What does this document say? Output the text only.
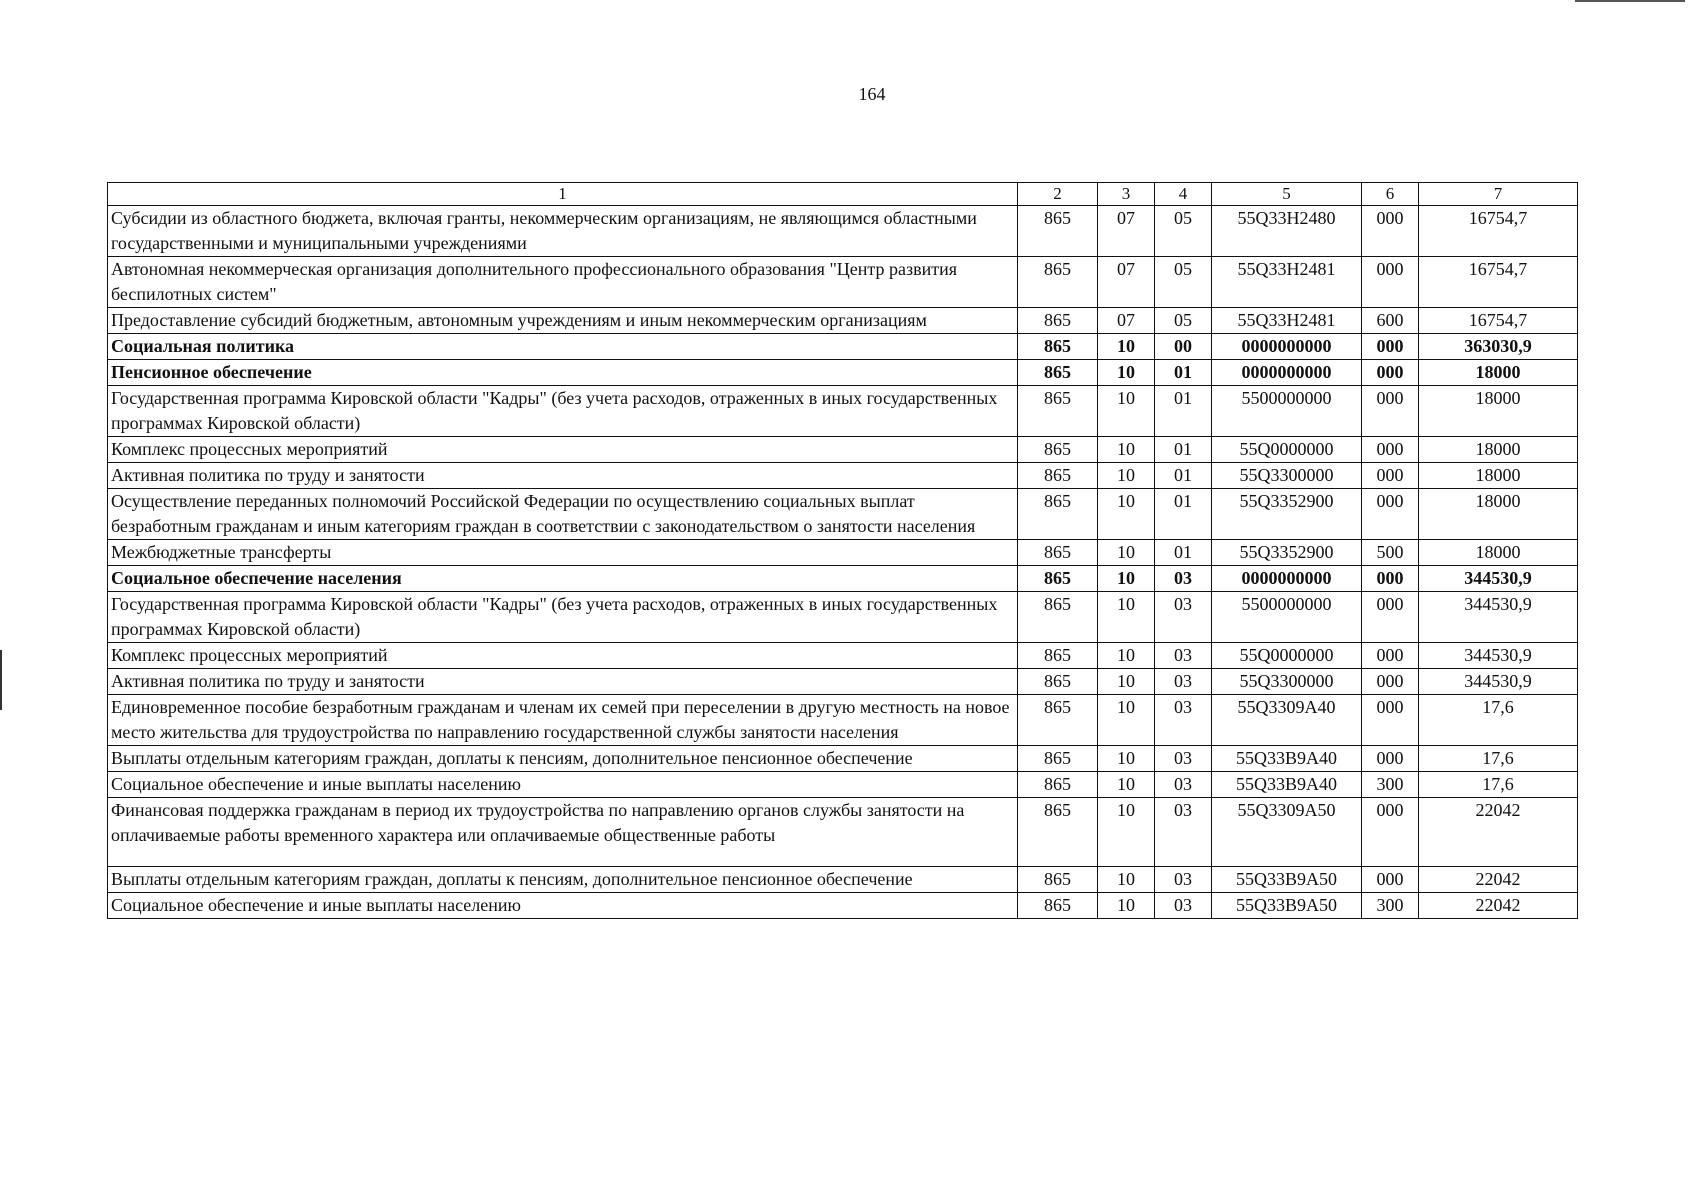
164
1	2	3	4	5	6	7
Субсидии из областного бюджета, включая гранты, некоммерческим организациям, не являющимся областными государственными и муниципальными учреждениями	865	07	05	55Q33H2480	000	16754,7
Автономная некоммерческая организация дополнительного профессионального образования "Центр развития беспилотных систем"	865	07	05	55Q33H2481	000	16754,7
Предоставление субсидий бюджетным, автономным учреждениям и иным некоммерческим организациям	865	07	05	55Q33H2481	600	16754,7
Социальная политика	865	10	00	0000000000	000	363030,9
Пенсионное обеспечение	865	10	01	0000000000	000	18000
Государственная программа Кировской области "Кадры" (без учета расходов, отраженных в иных государственных программах Кировской области)	865	10	01	5500000000	000	18000
Комплекс процессных мероприятий	865	10	01	55Q0000000	000	18000
Активная политика по труду и занятости	865	10	01	55Q3300000	000	18000
Осуществление переданных полномочий Российской Федерации по осуществлению социальных выплат безработным гражданам и иным категориям граждан в соответствии с законодательством о занятости населения	865	10	01	55Q3352900	000	18000
Межбюджетные трансферты	865	10	01	55Q3352900	500	18000
Социальное обеспечение населения	865	10	03	0000000000	000	344530,9
Государственная программа Кировской области "Кадры" (без учета расходов, отраженных в иных государственных программах Кировской области)	865	10	03	5500000000	000	344530,9
Комплекс процессных мероприятий	865	10	03	55Q0000000	000	344530,9
Активная политика по труду и занятости	865	10	03	55Q3300000	000	344530,9
Единовременное пособие безработным гражданам и членам их семей при переселении в другую местность на новое место жительства для трудоустройства по направлению государственной службы занятости населения	865	10	03	55Q3309A40	000	17,6
Выплаты отдельным категориям граждан, доплаты к пенсиям, дополнительное пенсионное обеспечение	865	10	03	55Q33B9A40	000	17,6
Социальное обеспечение и иные выплаты населению	865	10	03	55Q33B9A40	300	17,6
Финансовая поддержка гражданам в период их трудоустройства по направлению органов службы занятости на оплачиваемые работы временного характера или оплачиваемые общественные работы	865	10	03	55Q3309A50	000	22042
Выплаты отдельным категориям граждан, доплаты к пенсиям, дополнительное пенсионное обеспечение	865	10	03	55Q33B9A50	000	22042
Социальное обеспечение и иные выплаты населению	865	10	03	55Q33B9A50	300	22042
